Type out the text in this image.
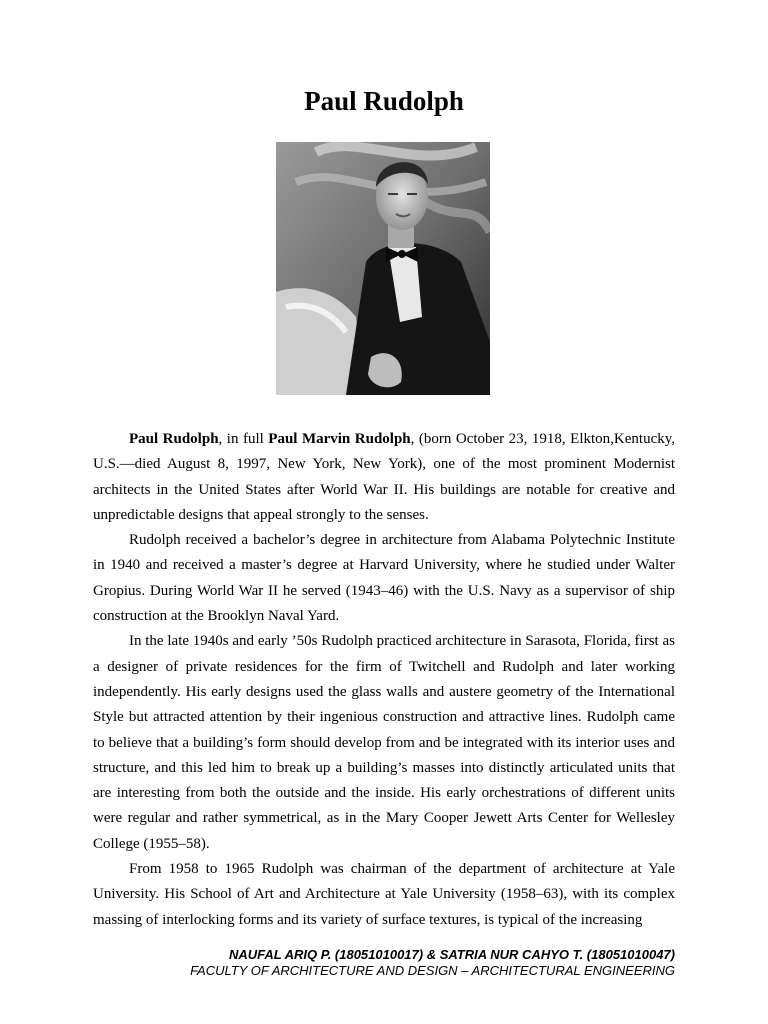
Paul Rudolph

Paul Rudolph, in full Paul Marvin Rudolph, (born October 23, 1918, Elkton,Kentucky, U.S.—died August 8, 1997, New York, New York), one of the most prominent Modernist architects in the United States after World War II. His buildings are notable for creative and unpredictable designs that appeal strongly to the senses.

Rudolph received a bachelor’s degree in architecture from Alabama Polytechnic Institute in 1940 and received a master’s degree at Harvard University, where he studied under Walter Gropius. During World War II he served (1943–46) with the U.S. Navy as a supervisor of ship construction at the Brooklyn Naval Yard.

In the late 1940s and early ’50s Rudolph practiced architecture in Sarasota, Florida, first as a designer of private residences for the firm of Twitchell and Rudolph and later working independently. His early designs used the glass walls and austere geometry of the International Style but attracted attention by their ingenious construction and attractive lines. Rudolph came to believe that a building’s form should develop from and be integrated with its interior uses and structure, and this led him to break up a building’s masses into distinctly articulated units that are interesting from both the outside and the inside. His early orchestrations of different units were regular and rather symmetrical, as in the Mary Cooper Jewett Arts Center for Wellesley College (1955–58).

From 1958 to 1965 Rudolph was chairman of the department of architecture at Yale University. His School of Art and Architecture at Yale University (1958–63), with its complex massing of interlocking forms and its variety of surface textures, is typical of the increasing

NAUFAL ARIQ P. (18051010017) & SATRIA NUR CAHYO T. (18051010047)
FACULTY OF ARCHITECTURE AND DESIGN – ARCHITECTURAL ENGINEERING
